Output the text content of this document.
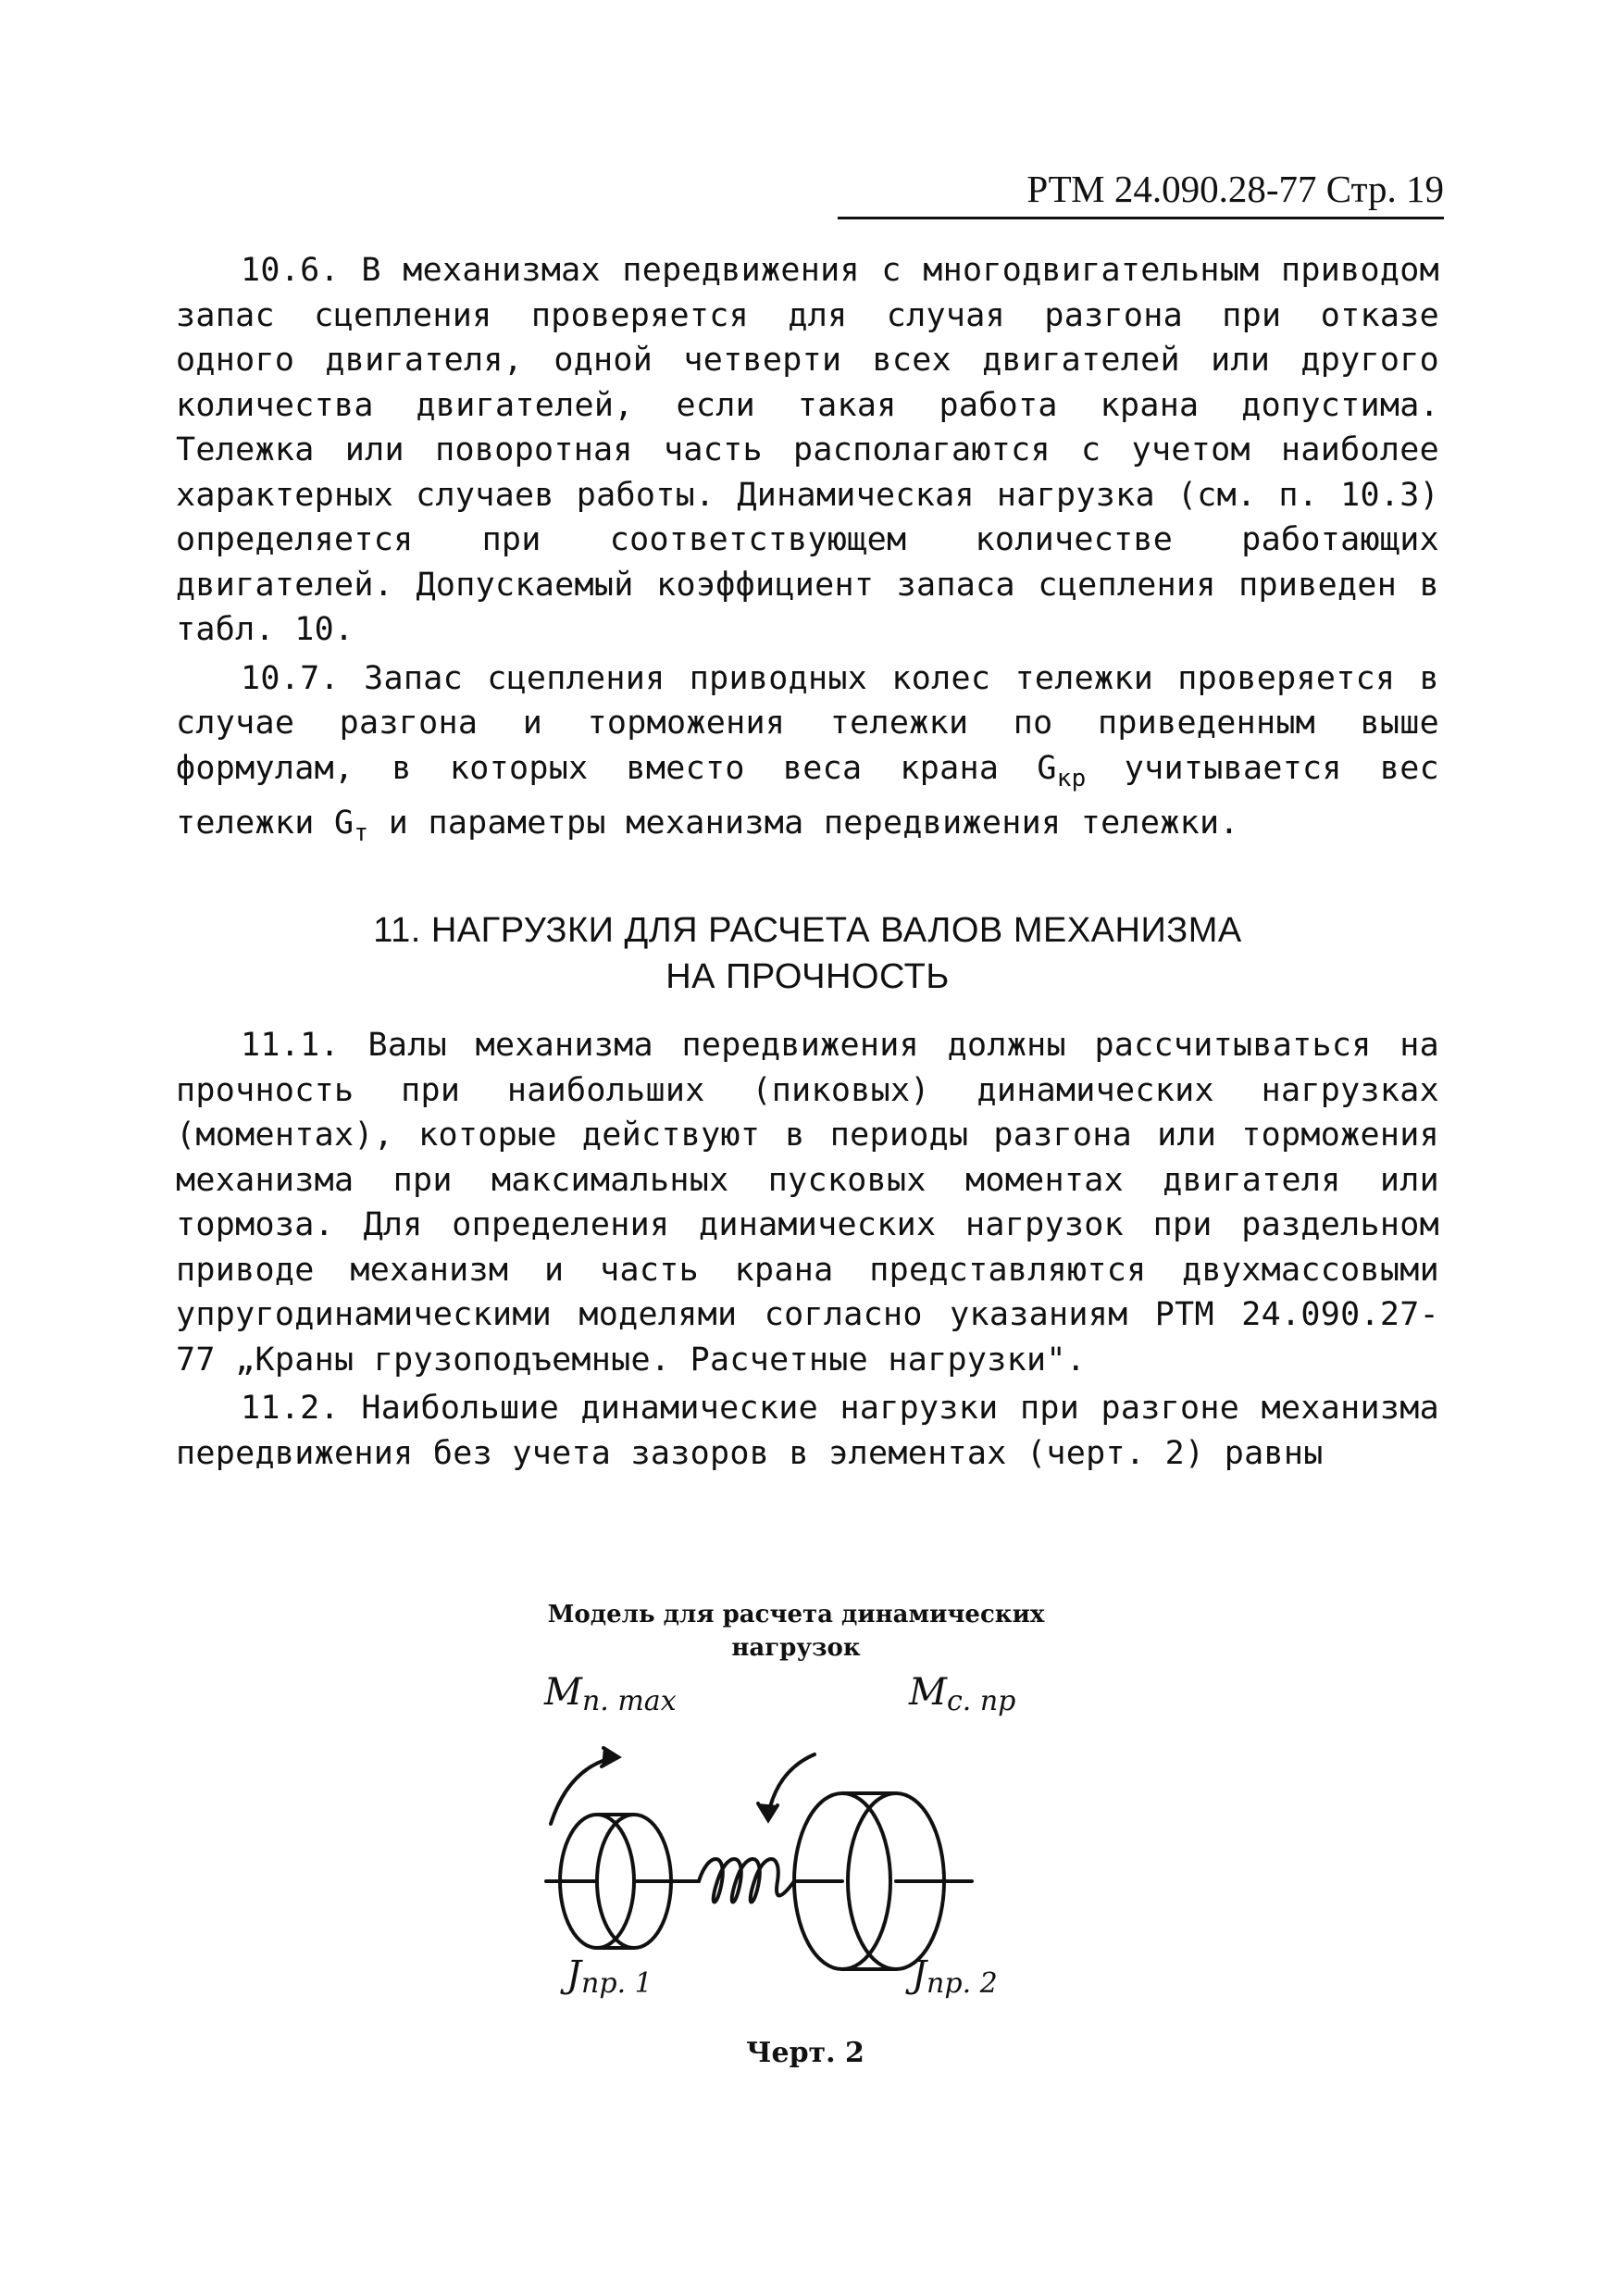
РТМ 24.090.28-77 Стр. 19

10.6. В механизмах передвижения с многодвигательным приводом запас сцепления проверяется для случая разгона при отказе одного двигателя, одной четверти всех двигателей или другого количества двигателей, если такая работа крана допустима. Тележка или поворотная часть располагаются с учетом наиболее характерных случаев работы. Динамическая нагрузка (см. п. 10.3) определяется при соответствующем количестве работающих двигателей. Допускаемый коэффициент запаса сцепления приведен в табл. 10.

10.7. Запас сцепления приводных колес тележки проверяется в случае разгона и торможения тележки по приведенным выше формулам, в которых вместо веса крана $G_{кр}$ учитывается вес тележки $G_т$ и параметры механизма передвижения тележки.

11. НАГРУЗКИ ДЛЯ РАСЧЕТА ВАЛОВ МЕХАНИЗМА
НА ПРОЧНОСТЬ

11.1. Валы механизма передвижения должны рассчитываться на прочность при наибольших (пиковых) динамических нагрузках (моментах), которые действуют в периоды разгона или торможения механизма при максимальных пусковых моментах двигателя или тормоза. Для определения динамических нагрузок при раздельном приводе механизм и часть крана представляются двухмассовыми упругодинамическими моделями согласно указаниям РТМ 24.090.27-77 „Краны грузоподъемные. Расчетные нагрузки".

11.2. Наибольшие динамические нагрузки при разгоне механизма передвижения без учета зазоров в элементах (черт. 2) равны

Модель для расчета динамических
нагрузок
Mп. max	Mс. пр
Jпр. 1	Jпр. 2
Черт. 2
